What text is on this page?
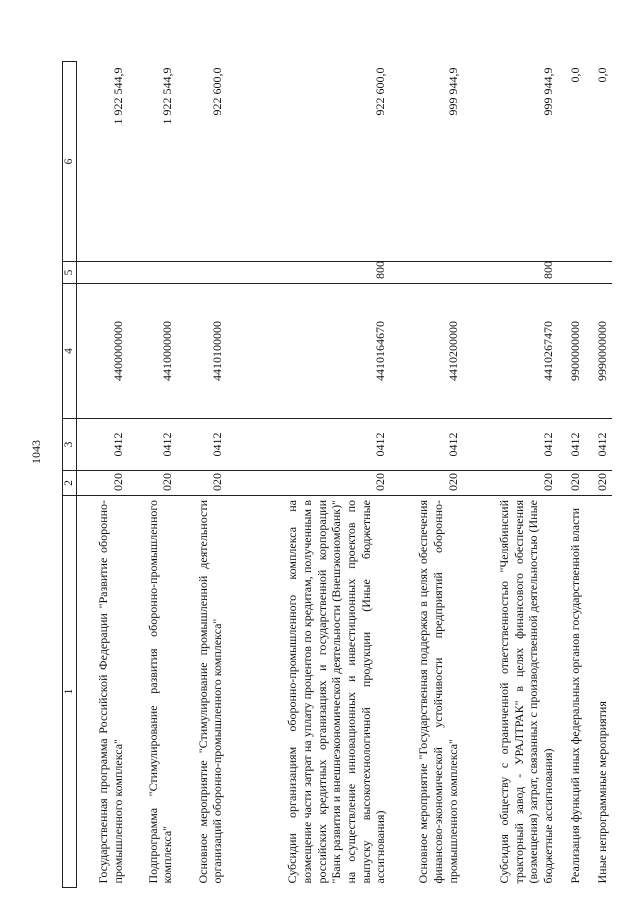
1043
1	2	3	4	5	6
Государственная программа Российской Федерации "Развитие оборонно-промышленного комплекса"	020	0412	4400000000		1 922 544,9
Подпрограмма "Стимулирование развития оборонно-промышленного комплекса"	020	0412	4410000000		1 922 544,9
Основное мероприятие "Стимулирование промышленной деятельности организаций оборонно-промышленного комплекса"	020	0412	4410100000		922 600,0
Субсидии организациям оборонно-промышленного комплекса на возмещение части затрат на уплату процентов по кредитам, полученным в российских кредитных организациях и государственной корпорации "Банк развития и внешнеэкономической деятельности (Внешэкономбанк)" на осуществление инновационных и инвестиционных проектов по выпуску высокотехнологичной продукции (Иные бюджетные ассигнования)	020	0412	4410164670	800	922 600,0
Основное мероприятие "Государственная поддержка в целях обеспечения финансово-экономической устойчивости предприятий оборонно-промышленного комплекса"	020	0412	4410200000		999 944,9
Субсидия обществу с ограниченной ответственностью "Челябинский тракторный завод - УРАЛТРАК" в целях финансового обеспечения (возмещения) затрат, связанных с производственной деятельностью (Иные бюджетные ассигнования)	020	0412	4410267470	800	999 944,9
Реализация функций иных федеральных органов государственной власти	020	0412	9900000000		0,0
Иные непрограммные мероприятия	020	0412	9990000000		0,0
